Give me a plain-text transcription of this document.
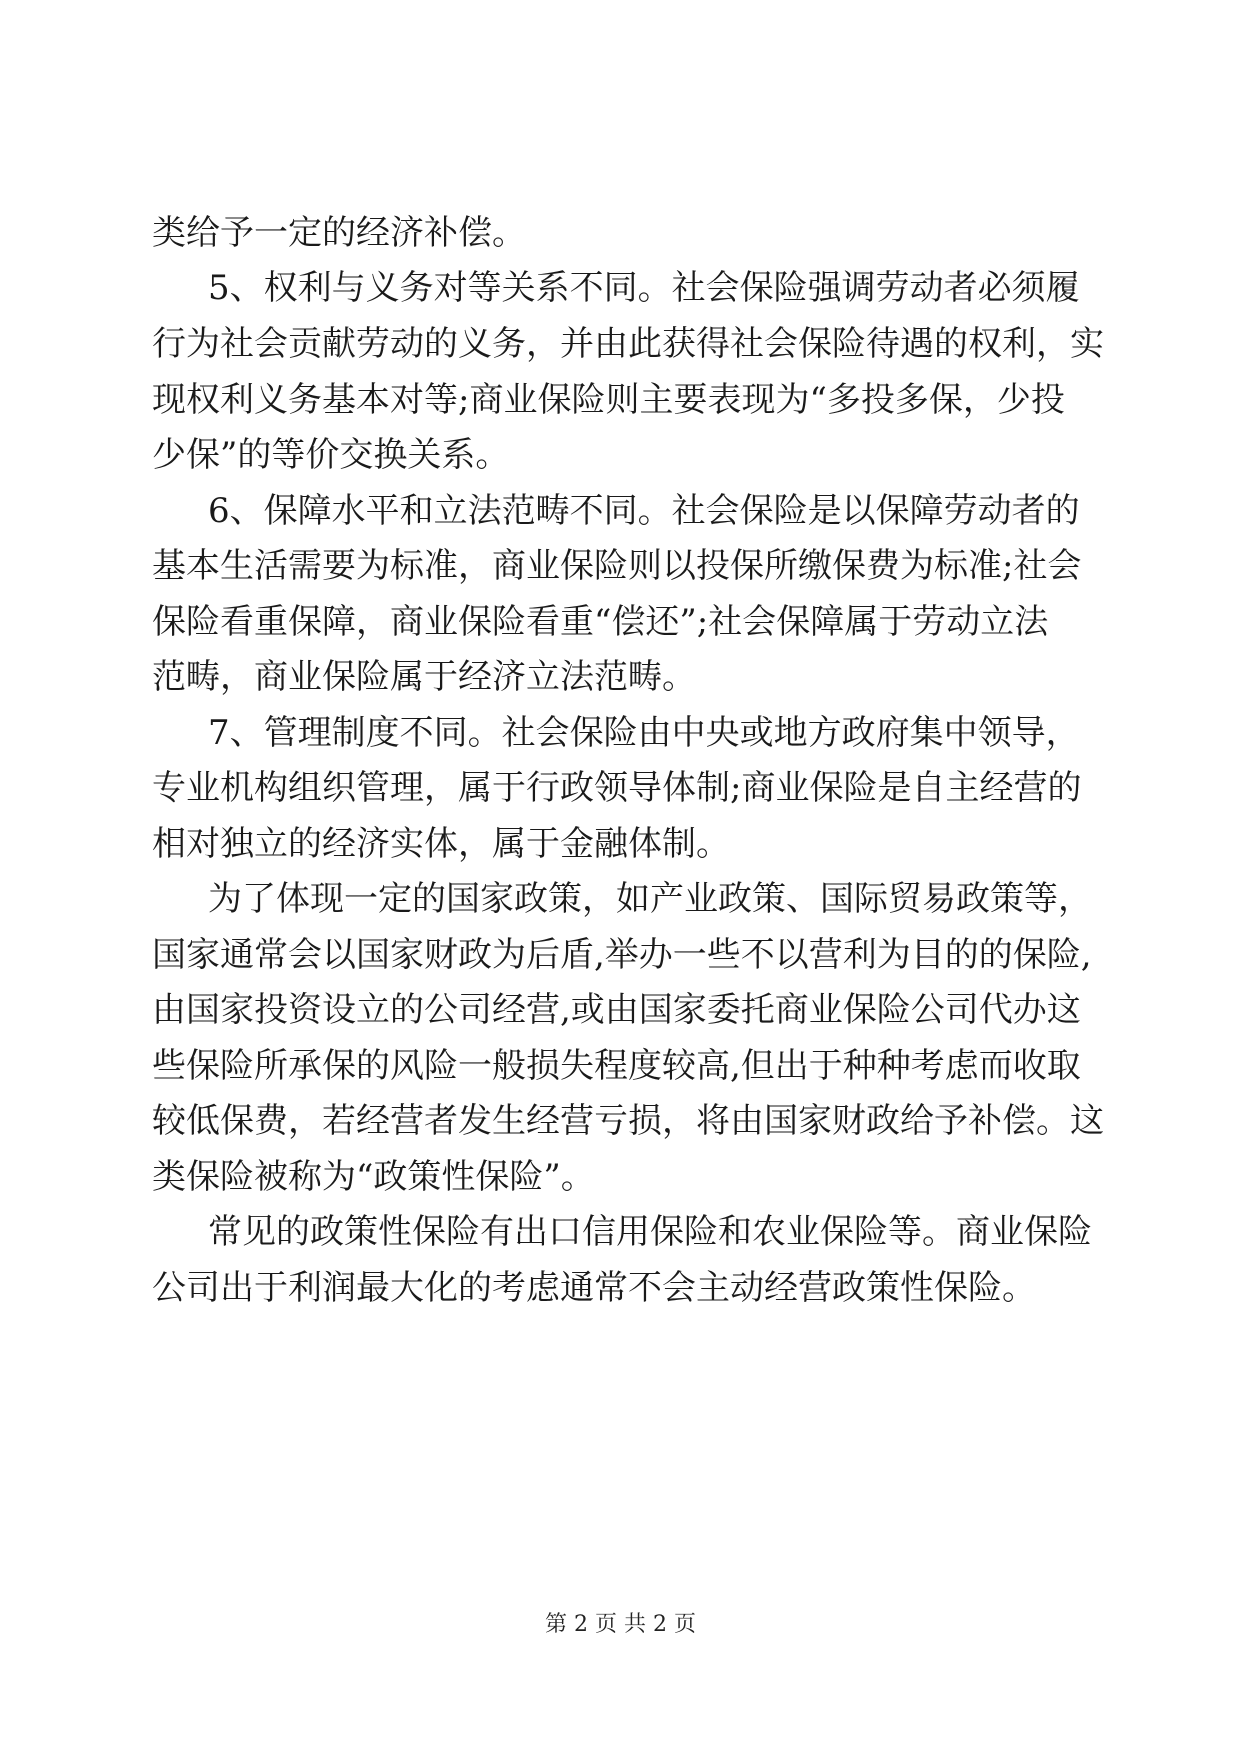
类给予一定的经济补偿。
5、权利与义务对等关系不同。社会保险强调劳动者必须履
行为社会贡献劳动的义务，并由此获得社会保险待遇的权利，实
现权利义务基本对等;商业保险则主要表现为“多投多保，少投
少保”的等价交换关系。
6、保障水平和立法范畴不同。社会保险是以保障劳动者的
基本生活需要为标准，商业保险则以投保所缴保费为标准;社会
保险看重保障，商业保险看重“偿还”;社会保障属于劳动立法
范畴，商业保险属于经济立法范畴。
7、管理制度不同。社会保险由中央或地方政府集中领导，
专业机构组织管理，属于行政领导体制;商业保险是自主经营的
相对独立的经济实体，属于金融体制。
为了体现一定的国家政策，如产业政策、国际贸易政策等，
国家通常会以国家财政为后盾,举办一些不以营利为目的的保险,
由国家投资设立的公司经营,或由国家委托商业保险公司代办这
些保险所承保的风险一般损失程度较高,但出于种种考虑而收取
较低保费，若经营者发生经营亏损，将由国家财政给予补偿。这
类保险被称为“政策性保险”。
常见的政策性保险有出口信用保险和农业保险等。商业保险
公司出于利润最大化的考虑通常不会主动经营政策性保险。
第 2 页 共 2 页
